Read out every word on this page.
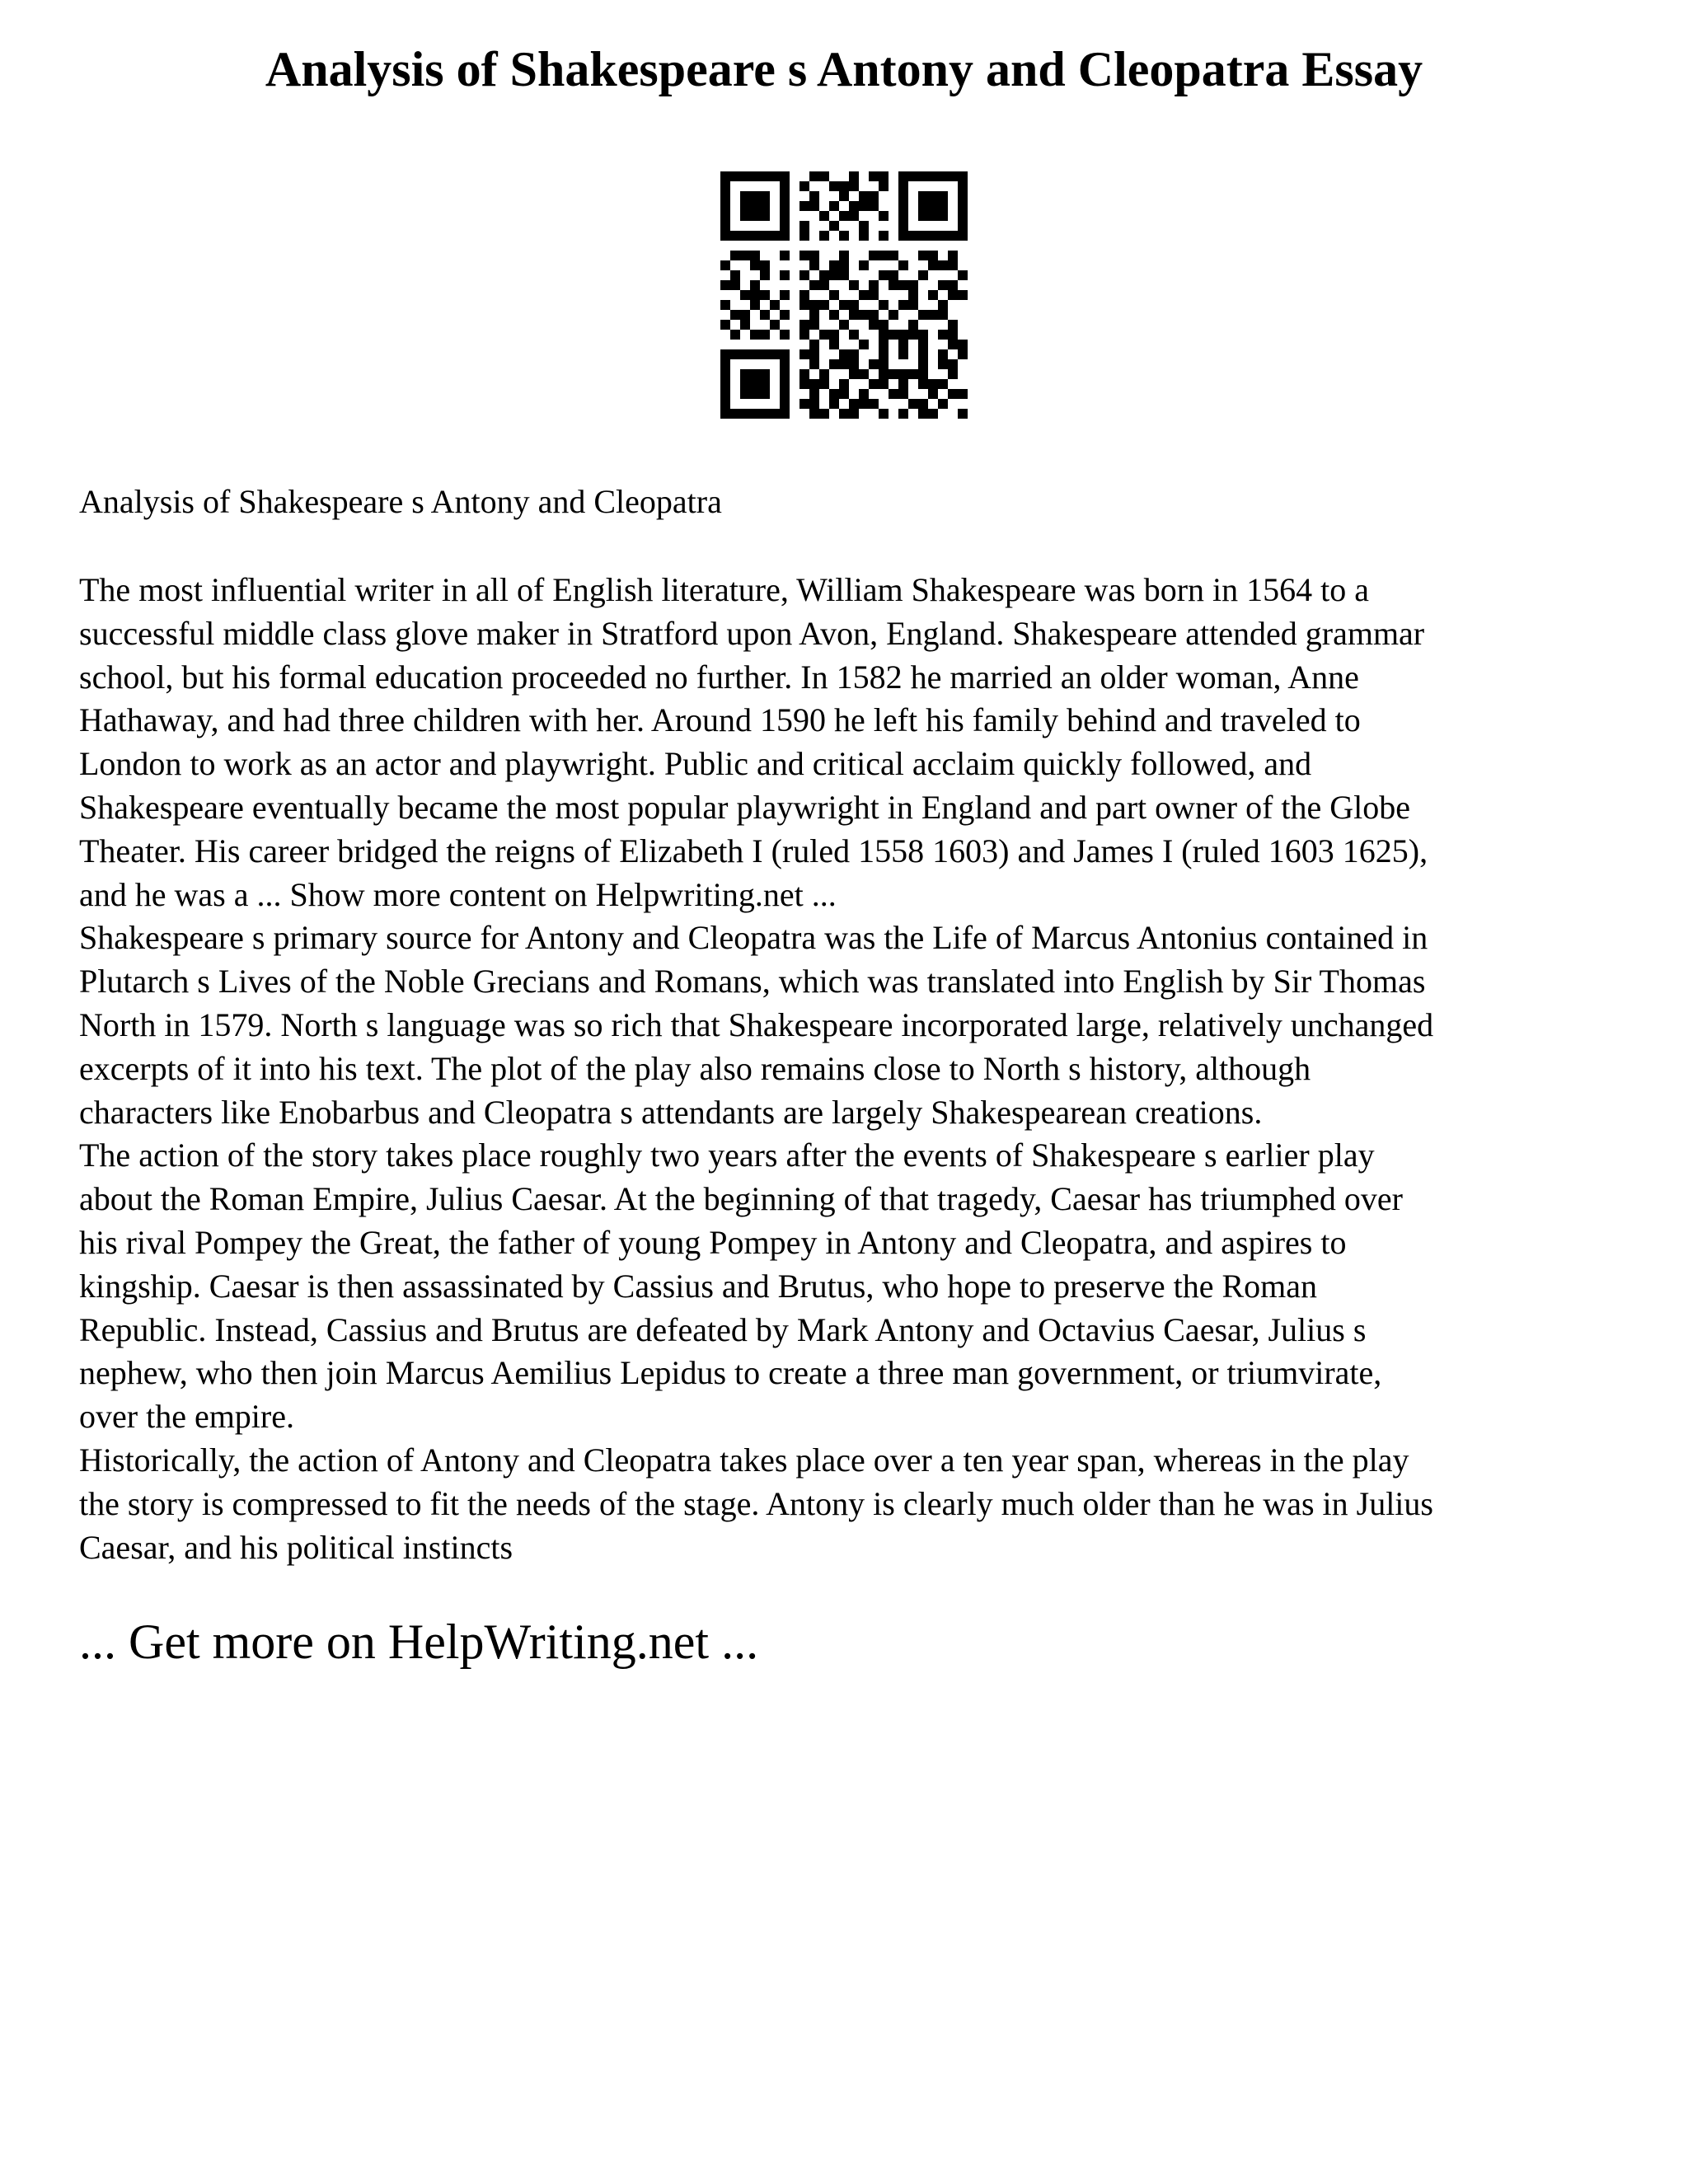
Analysis of Shakespeare s Antony and Cleopatra Essay

Analysis of Shakespeare s Antony and Cleopatra

The most influential writer in all of English literature, William Shakespeare was born in 1564 to a
successful middle class glove maker in Stratford upon Avon, England. Shakespeare attended grammar
school, but his formal education proceeded no further. In 1582 he married an older woman, Anne
Hathaway, and had three children with her. Around 1590 he left his family behind and traveled to
London to work as an actor and playwright. Public and critical acclaim quickly followed, and
Shakespeare eventually became the most popular playwright in England and part owner of the Globe
Theater. His career bridged the reigns of Elizabeth I (ruled 1558 1603) and James I (ruled 1603 1625),
and he was a ... Show more content on Helpwriting.net ...

Shakespeare s primary source for Antony and Cleopatra was the Life of Marcus Antonius contained in
Plutarch s Lives of the Noble Grecians and Romans, which was translated into English by Sir Thomas
North in 1579. North s language was so rich that Shakespeare incorporated large, relatively unchanged
excerpts of it into his text. The plot of the play also remains close to North s history, although
characters like Enobarbus and Cleopatra s attendants are largely Shakespearean creations.

The action of the story takes place roughly two years after the events of Shakespeare s earlier play
about the Roman Empire, Julius Caesar. At the beginning of that tragedy, Caesar has triumphed over
his rival Pompey the Great, the father of young Pompey in Antony and Cleopatra, and aspires to
kingship. Caesar is then assassinated by Cassius and Brutus, who hope to preserve the Roman
Republic. Instead, Cassius and Brutus are defeated by Mark Antony and Octavius Caesar, Julius s
nephew, who then join Marcus Aemilius Lepidus to create a three man government, or triumvirate,
over the empire.

Historically, the action of Antony and Cleopatra takes place over a ten year span, whereas in the play
the story is compressed to fit the needs of the stage. Antony is clearly much older than he was in Julius
Caesar, and his political instincts

... Get more on HelpWriting.net ...
